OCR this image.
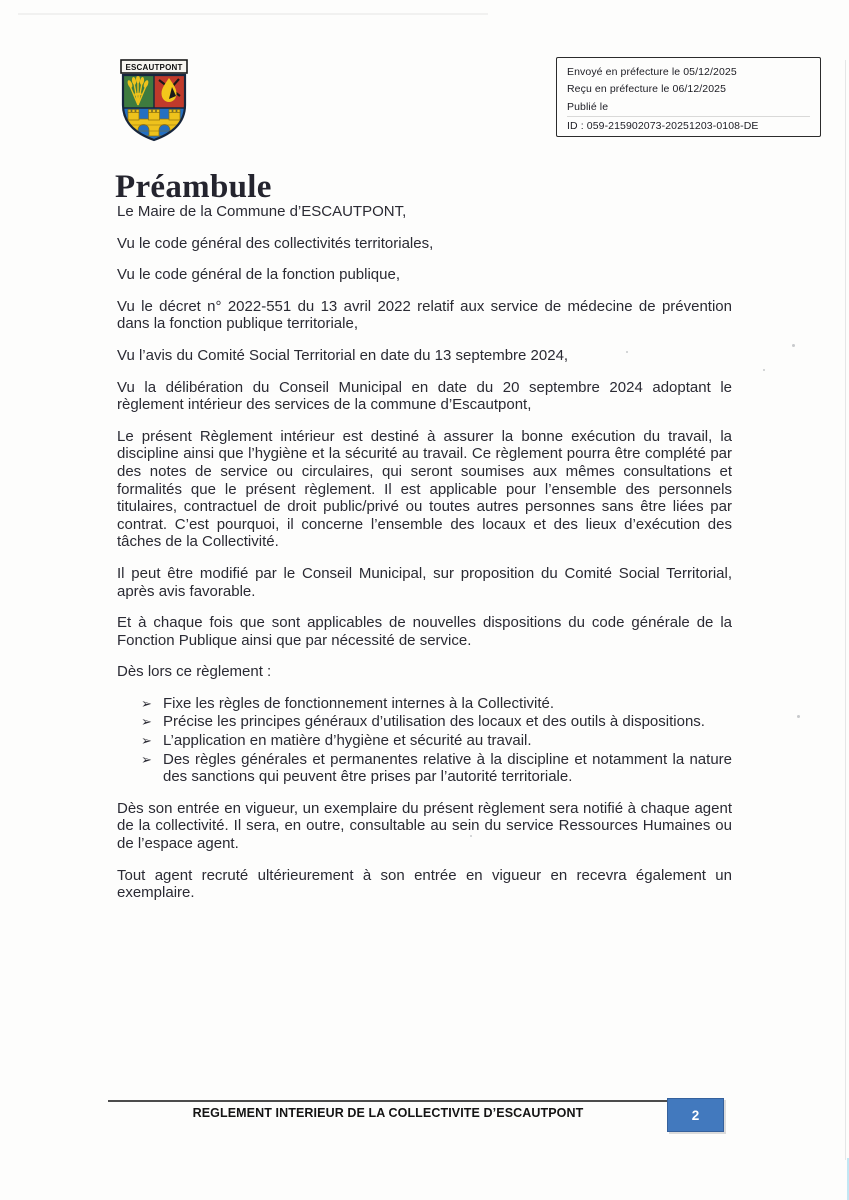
ESCAUTPONT	Envoyé en préfecture le 05/12/2025
Reçu en préfecture le 06/12/2025
Publié le
ID : 059-215902073-20251203-0108-DE
Préambule

Le Maire de la Commune d’ESCAUTPONT,

Vu le code général des collectivités territoriales,

Vu le code général de la fonction publique,

Vu le décret n° 2022-551 du 13 avril 2022 relatif aux service de médecine de prévention dans la fonction publique territoriale,

Vu l’avis du Comité Social Territorial en date du 13 septembre 2024,

Vu la délibération du Conseil Municipal en date du 20 septembre 2024 adoptant le règlement intérieur des services de la commune d’Escautpont,

Le présent Règlement intérieur est destiné à assurer la bonne exécution du travail, la discipline ainsi que l’hygiène et la sécurité au travail. Ce règlement pourra être complété par des notes de service ou circulaires, qui seront soumises aux mêmes consultations et formalités que le présent règlement. Il est applicable pour l’ensemble des personnels titulaires, contractuel de droit public/privé ou toutes autres personnes sans être liées par contrat. C’est pourquoi, il concerne l’ensemble des locaux et des lieux d’exécution des tâches de la Collectivité.

Il peut être modifié par le Conseil Municipal, sur proposition du Comité Social Territorial, après avis favorable.

Et à chaque fois que sont applicables de nouvelles dispositions du code générale de la Fonction Publique ainsi que par nécessité de service.

Dès lors ce règlement :

➢ Fixe les règles de fonctionnement internes à la Collectivité.
➢ Précise les principes généraux d’utilisation des locaux et des outils à dispositions.
➢ L’application en matière d’hygiène et sécurité au travail.
➢ Des règles générales et permanentes relative à la discipline et notamment la nature des sanctions qui peuvent être prises par l’autorité territoriale.

Dès son entrée en vigueur, un exemplaire du présent règlement sera notifié à chaque agent de la collectivité. Il sera, en outre, consultable au sein du service Ressources Humaines ou de l’espace agent.

Tout agent recruté ultérieurement à son entrée en vigueur en recevra également un exemplaire.

REGLEMENT INTERIEUR DE LA COLLECTIVITE D’ESCAUTPONT	2
